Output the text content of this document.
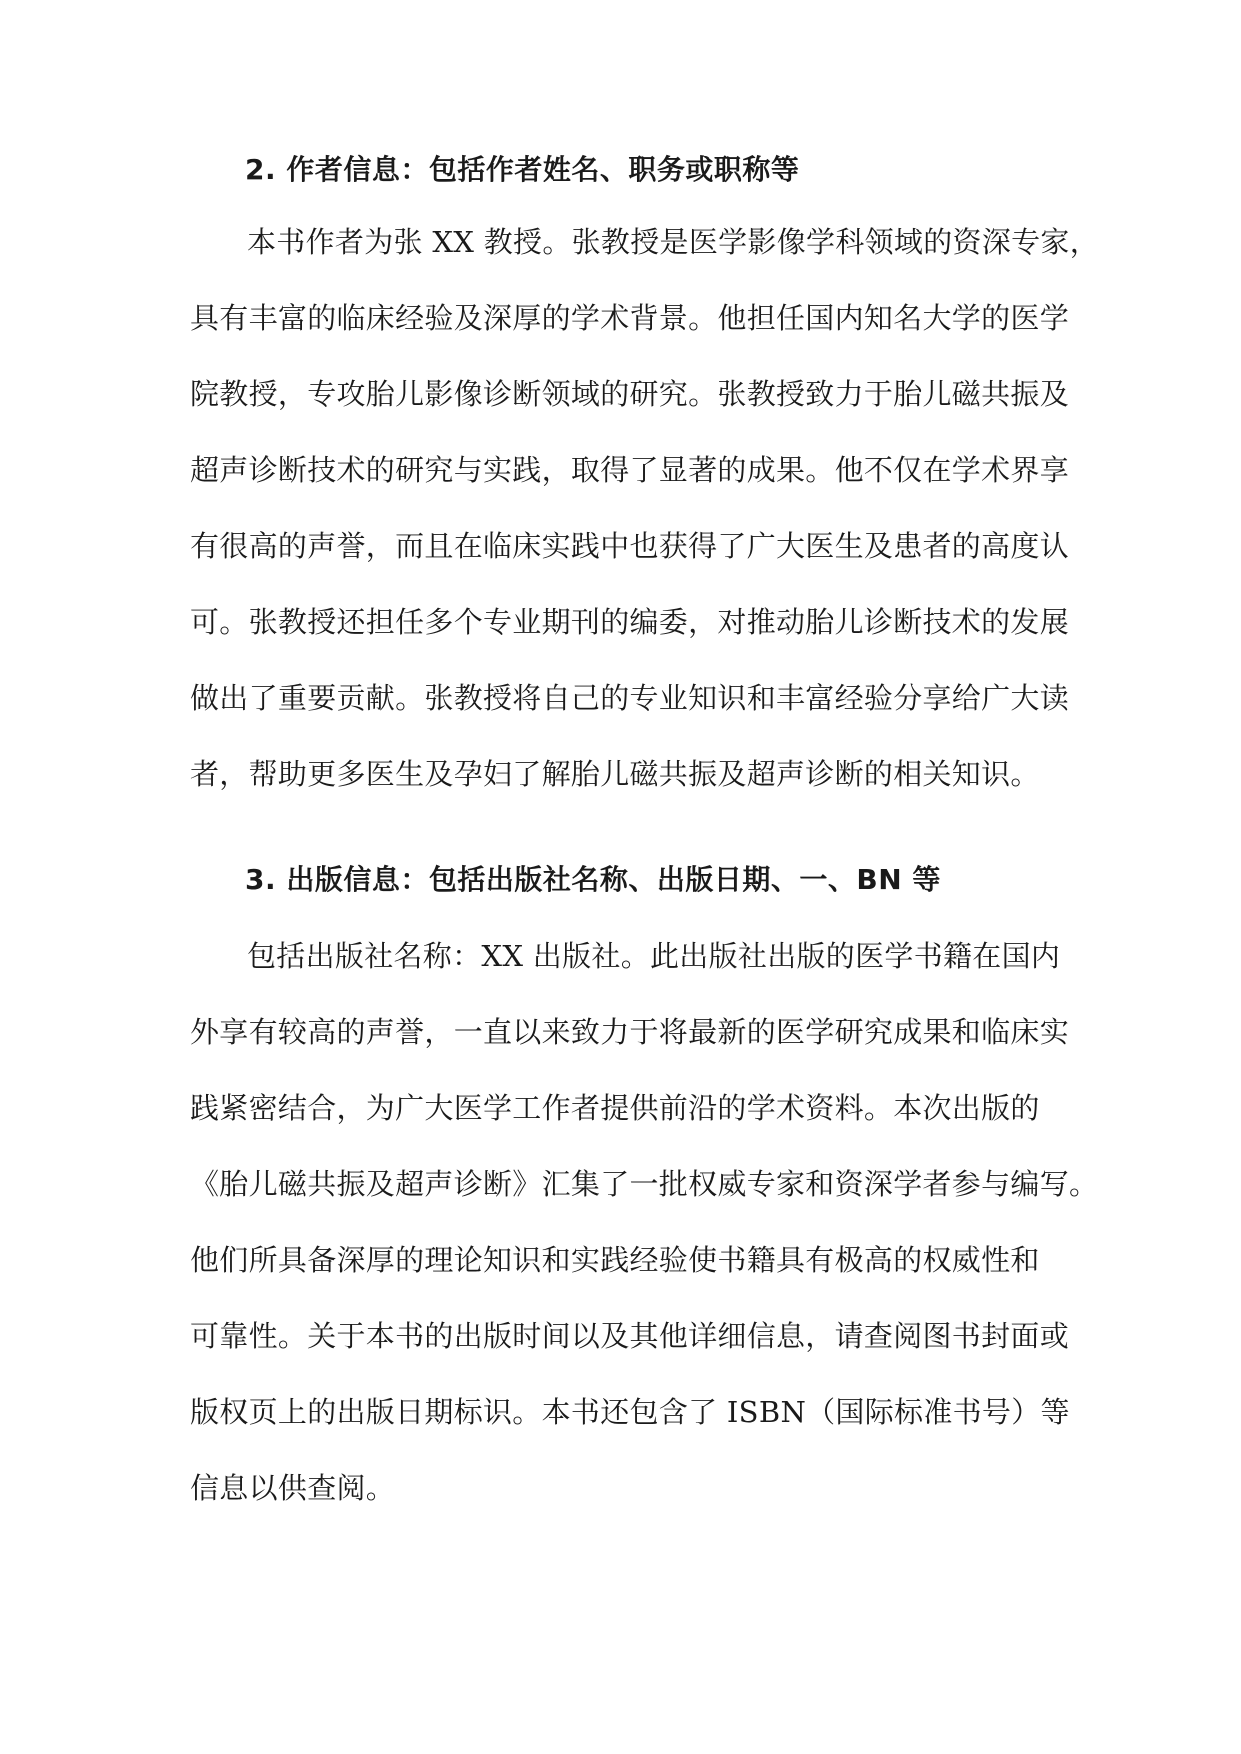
2. 作者信息：包括作者姓名、职务或职称等
本书作者为张 XX 教授。张教授是医学影像学科领域的资深专家，
具有丰富的临床经验及深厚的学术背景。他担任国内知名大学的医学
院教授，专攻胎儿影像诊断领域的研究。张教授致力于胎儿磁共振及
超声诊断技术的研究与实践，取得了显著的成果。他不仅在学术界享
有很高的声誉，而且在临床实践中也获得了广大医生及患者的高度认
可。张教授还担任多个专业期刊的编委，对推动胎儿诊断技术的发展
做出了重要贡献。张教授将自己的专业知识和丰富经验分享给广大读
者，帮助更多医生及孕妇了解胎儿磁共振及超声诊断的相关知识。
3. 出版信息：包括出版社名称、出版日期、一、BN 等
包括出版社名称：XX 出版社。此出版社出版的医学书籍在国内
外享有较高的声誉，一直以来致力于将最新的医学研究成果和临床实
践紧密结合，为广大医学工作者提供前沿的学术资料。本次出版的
《胎儿磁共振及超声诊断》汇集了一批权威专家和资深学者参与编写。
他们所具备深厚的理论知识和实践经验使书籍具有极高的权威性和
可靠性。关于本书的出版时间以及其他详细信息，请查阅图书封面或
版权页上的出版日期标识。本书还包含了 ISBN（国际标准书号）等
信息以供查阅。
